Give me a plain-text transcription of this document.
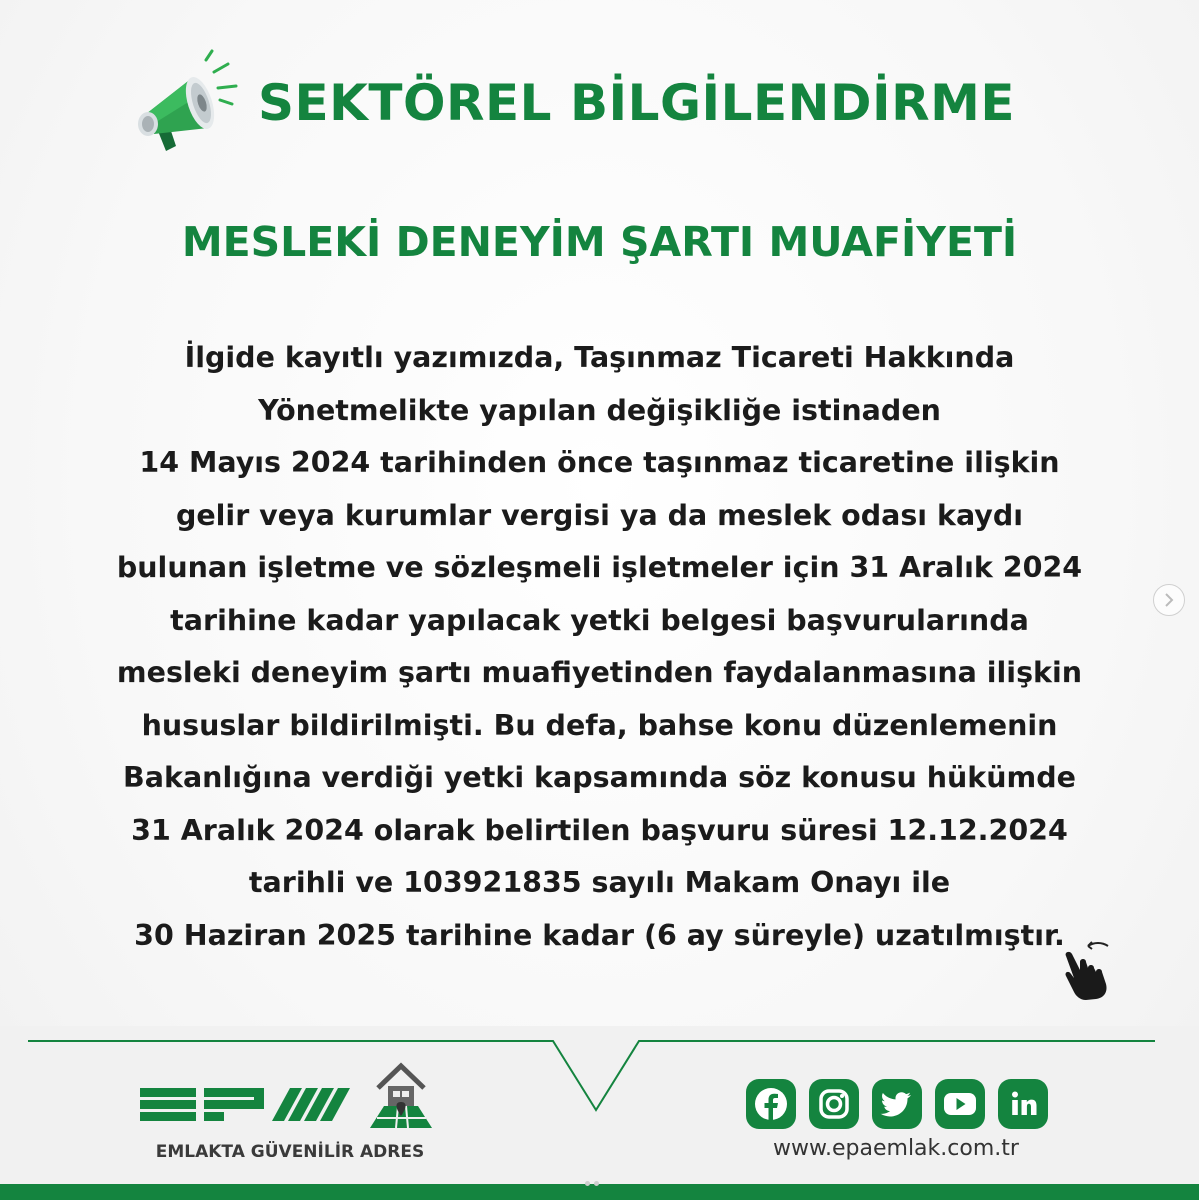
SEKTÖREL BİLGİLENDİRME
MESLEKİ DENEYİM ŞARTI MUAFİYETİ
İlgide kayıtlı yazımızda, Taşınmaz Ticareti Hakkında
Yönetmelikte yapılan değişikliğe istinaden
14 Mayıs 2024 tarihinden önce taşınmaz ticaretine ilişkin
gelir veya kurumlar vergisi ya da meslek odası kaydı
bulunan işletme ve sözleşmeli işletmeler için 31 Aralık 2024
tarihine kadar yapılacak yetki belgesi başvurularında
mesleki deneyim şartı muafiyetinden faydalanmasına ilişkin
hususlar bildirilmişti. Bu defa, bahse konu düzenlemenin
Bakanlığına verdiği yetki kapsamında söz konusu hükümde
31 Aralık 2024 olarak belirtilen başvuru süresi 12.12.2024
tarihli ve 103921835 sayılı Makam Onayı ile
30 Haziran 2025 tarihine kadar (6 ay süreyle) uzatılmıştır.
EMLAKTA GÜVENİLİR ADRES	www.epaemlak.com.tr
